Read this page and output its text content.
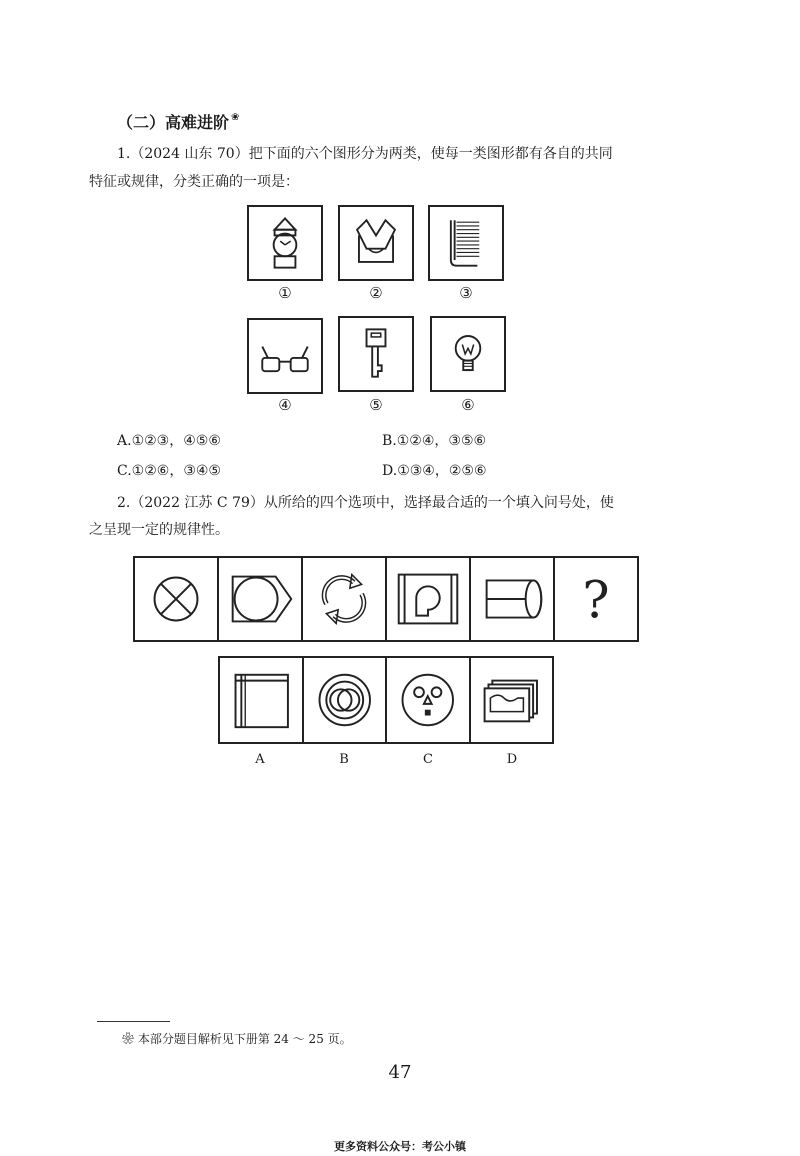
（二）高难进阶 ❀
1.（2024 山东 70）把下面的六个图形分为两类，使每一类图形都有各自的共同
特征或规律，分类正确的一项是：
①	②	③
④	⑤	⑥
A.①②③，④⑤⑥	B.①②④，③⑤⑥
C.①②⑥，③④⑤	D.①③④，②⑤⑥
2.（2022 江苏 C 79）从所给的四个选项中，选择最合适的一个填入问号处，使
之呈现一定的规律性。
?
A	B	C	D
❀ 本部分题目解析见下册第 24 ～ 25 页。
47
更多资料公众号：考公小镇
